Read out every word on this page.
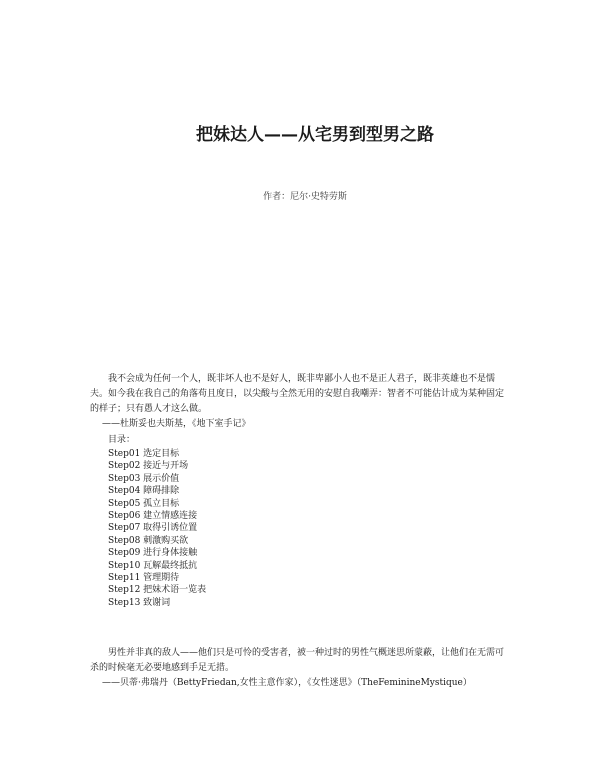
把妹达人——从宅男到型男之路
作者：尼尔·史特劳斯

我不会成为任何一个人，既非坏人也不是好人，既非卑鄙小人也不是正人君子，既非英雄也不是懦夫。如今我在我自己的角落苟且度日，以尖酸与全然无用的安慰自我嘲弄：智者不可能估计成为某种固定的样子；只有愚人才这么做。

——杜斯妥也夫斯基，《地下室手记》

目录：

Step01 选定目标
Step02 接近与开场
Step03 展示价值
Step04 障碍排除
Step05 孤立目标
Step06 建立情感连接
Step07 取得引诱位置
Step08 刺激购买欲
Step09 进行身体接触
Step10 瓦解最终抵抗
Step11 管理期待
Step12 把妹术语一览表
Step13 致谢词

男性并非真的敌人——他们只是可怜的受害者，被一种过时的男性气概迷思所蒙蔽，让他们在无需可杀的时候毫无必要地感到手足无措。

——贝蒂·弗瑞丹（BettyFriedan,女性主意作家），《女性迷思》（TheFeminineMystique）
